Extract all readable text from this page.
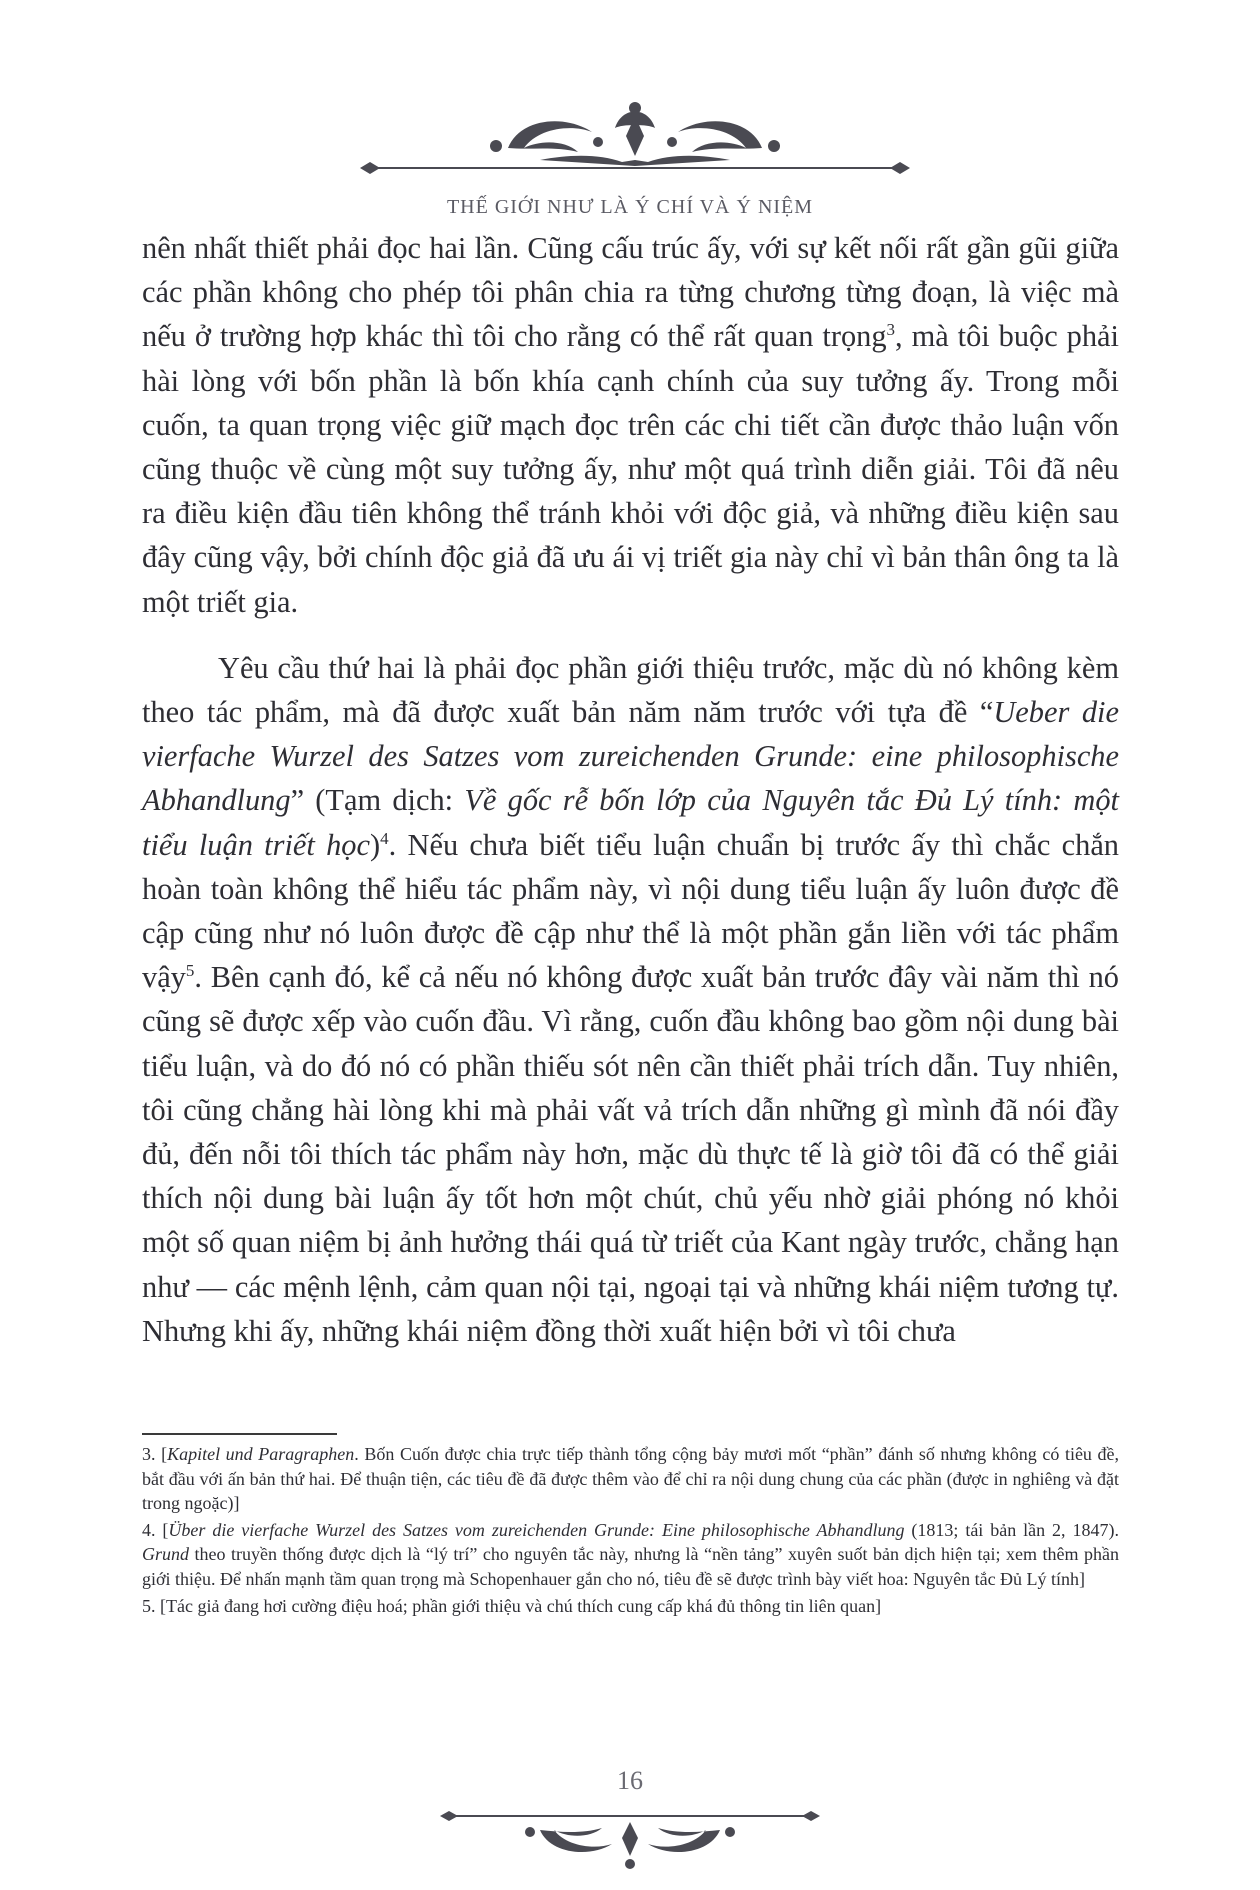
THẾ GIỚI NHƯ LÀ Ý CHÍ VÀ Ý NIỆM

nên nhất thiết phải đọc hai lần. Cũng cấu trúc ấy, với sự kết nối rất gần gũi giữa các phần không cho phép tôi phân chia ra từng chương từng đoạn, là việc mà nếu ở trường hợp khác thì tôi cho rằng có thể rất quan trọng$^3$, mà tôi buộc phải hài lòng với bốn phần là bốn khía cạnh chính của suy tưởng ấy. Trong mỗi cuốn, ta quan trọng việc giữ mạch đọc trên các chi tiết cần được thảo luận vốn cũng thuộc về cùng một suy tưởng ấy, như một quá trình diễn giải. Tôi đã nêu ra điều kiện đầu tiên không thể tránh khỏi với độc giả, và những điều kiện sau đây cũng vậy, bởi chính độc giả đã ưu ái vị triết gia này chỉ vì bản thân ông ta là một triết gia.

Yêu cầu thứ hai là phải đọc phần giới thiệu trước, mặc dù nó không kèm theo tác phẩm, mà đã được xuất bản năm năm trước với tựa đề “Ueber die vierfache Wurzel des Satzes vom zureichenden Grunde: eine philosophische Abhandlung” (Tạm dịch: Về gốc rễ bốn lớp của Nguyên tắc Đủ Lý tính: một tiểu luận triết học)$^4$. Nếu chưa biết tiểu luận chuẩn bị trước ấy thì chắc chắn hoàn toàn không thể hiểu tác phẩm này, vì nội dung tiểu luận ấy luôn được đề cập cũng như nó luôn được đề cập như thể là một phần gắn liền với tác phẩm vậy$^5$. Bên cạnh đó, kể cả nếu nó không được xuất bản trước đây vài năm thì nó cũng sẽ được xếp vào cuốn đầu. Vì rằng, cuốn đầu không bao gồm nội dung bài tiểu luận, và do đó nó có phần thiếu sót nên cần thiết phải trích dẫn. Tuy nhiên, tôi cũng chẳng hài lòng khi mà phải vất vả trích dẫn những gì mình đã nói đầy đủ, đến nỗi tôi thích tác phẩm này hơn, mặc dù thực tế là giờ tôi đã có thể giải thích nội dung bài luận ấy tốt hơn một chút, chủ yếu nhờ giải phóng nó khỏi một số quan niệm bị ảnh hưởng thái quá từ triết của Kant ngày trước, chẳng hạn như — các mệnh lệnh, cảm quan nội tại, ngoại tại và những khái niệm tương tự. Nhưng khi ấy, những khái niệm đồng thời xuất hiện bởi vì tôi chưa

3. [Kapitel und Paragraphen. Bốn Cuốn được chia trực tiếp thành tổng cộng bảy mươi mốt “phần” đánh số nhưng không có tiêu đề, bắt đầu với ấn bản thứ hai. Để thuận tiện, các tiêu đề đã được thêm vào để chỉ ra nội dung chung của các phần (được in nghiêng và đặt trong ngoặc)]

4. [Über die vierfache Wurzel des Satzes vom zureichenden Grunde: Eine philosophische Abhandlung (1813; tái bản lần 2, 1847). Grund theo truyền thống được dịch là “lý trí” cho nguyên tắc này, nhưng là “nền tảng” xuyên suốt bản dịch hiện tại; xem thêm phần giới thiệu. Để nhấn mạnh tầm quan trọng mà Schopenhauer gắn cho nó, tiêu đề sẽ được trình bày viết hoa: Nguyên tắc Đủ Lý tính]

5. [Tác giả đang hơi cường điệu hoá; phần giới thiệu và chú thích cung cấp khá đủ thông tin liên quan]

16
